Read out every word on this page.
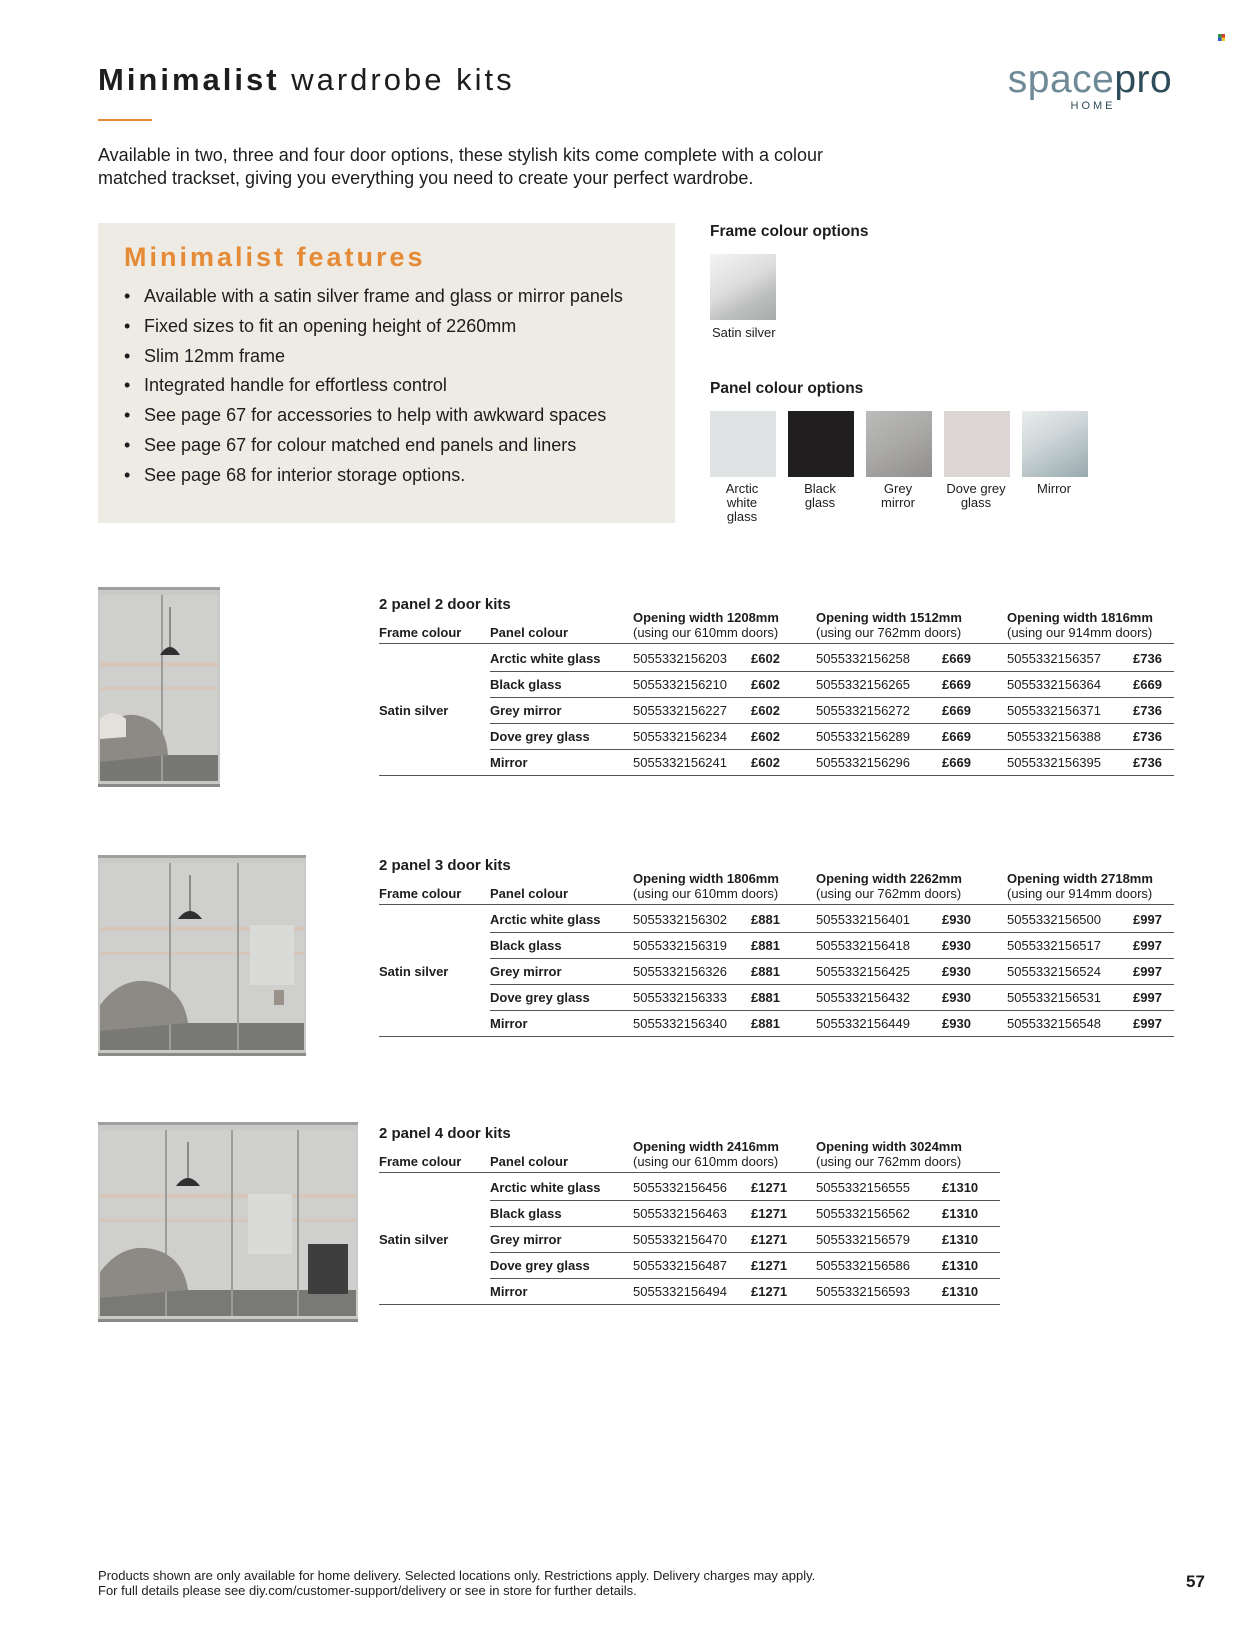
Minimalist wardrobe kits	spacepro
HOME
Available in two, three and four door options, these stylish kits come complete with a colour matched trackset, giving you everything you need to create your perfect wardrobe.
Minimalist features
• Available with a satin silver frame and glass or mirror panels
• Fixed sizes to fit an opening height of 2260mm
• Slim 12mm frame
• Integrated handle for effortless control
• See page 67 for accessories to help with awkward spaces
• See page 67 for colour matched end panels and liners
• See page 68 for interior storage options.
Frame colour options
Satin silver
Panel colour options
Arctic
white
glass
Black
glass
Grey
mirror
Dove grey
glass
Mirror
2 panel 2 door kits
Opening width 1208mm
(using our 610mm doors)
Opening width 1512mm
(using our 762mm doors)
Opening width 1816mm
(using our 914mm doors)
Frame colour Panel colour
Arctic white glass 5055332156203 £602	5055332156258 £669	5055332156357 £736
Black glass	5055332156210 £602	5055332156265 £669	5055332156364 £669
Grey mirror	5055332156227 £602	5055332156272 £669	5055332156371 £736
Dove grey glass	5055332156234 £602	5055332156289 £669	5055332156388 £736
Mirror	5055332156241 £602	5055332156296 £669	5055332156395 £736
Satin silver
2 panel 3 door kits
Opening width 1806mm
(using our 610mm doors)
Opening width 2262mm
(using our 762mm doors)
Opening width 2718mm
(using our 914mm doors)
Frame colour Panel colour
Arctic white glass 5055332156302 £881	5055332156401 £930	5055332156500 £997
Black glass	5055332156319 £881	5055332156418 £930	5055332156517 £997
Grey mirror	5055332156326 £881	5055332156425 £930	5055332156524 £997
Dove grey glass	5055332156333 £881	5055332156432 £930	5055332156531 £997
Mirror	5055332156340 £881	5055332156449 £930	5055332156548 £997
Satin silver
2 panel 4 door kits
Opening width 2416mm
(using our 610mm doors)
Opening width 3024mm
(using our 762mm doors)
Frame colour Panel colour
Arctic white glass 5055332156456 £1271 5055332156555 £1310
Black glass	5055332156463 £1271 5055332156562 £1310
Grey mirror	5055332156470 £1271 5055332156579 £1310
Dove grey glass	5055332156487 £1271 5055332156586 £1310
Mirror	5055332156494 £1271 5055332156593 £1310
Satin silver
Products shown are only available for home delivery. Selected locations only. Restrictions apply. Delivery charges may apply.
For full details please see diy.com/customer-support/delivery or see in store for further details.	57
